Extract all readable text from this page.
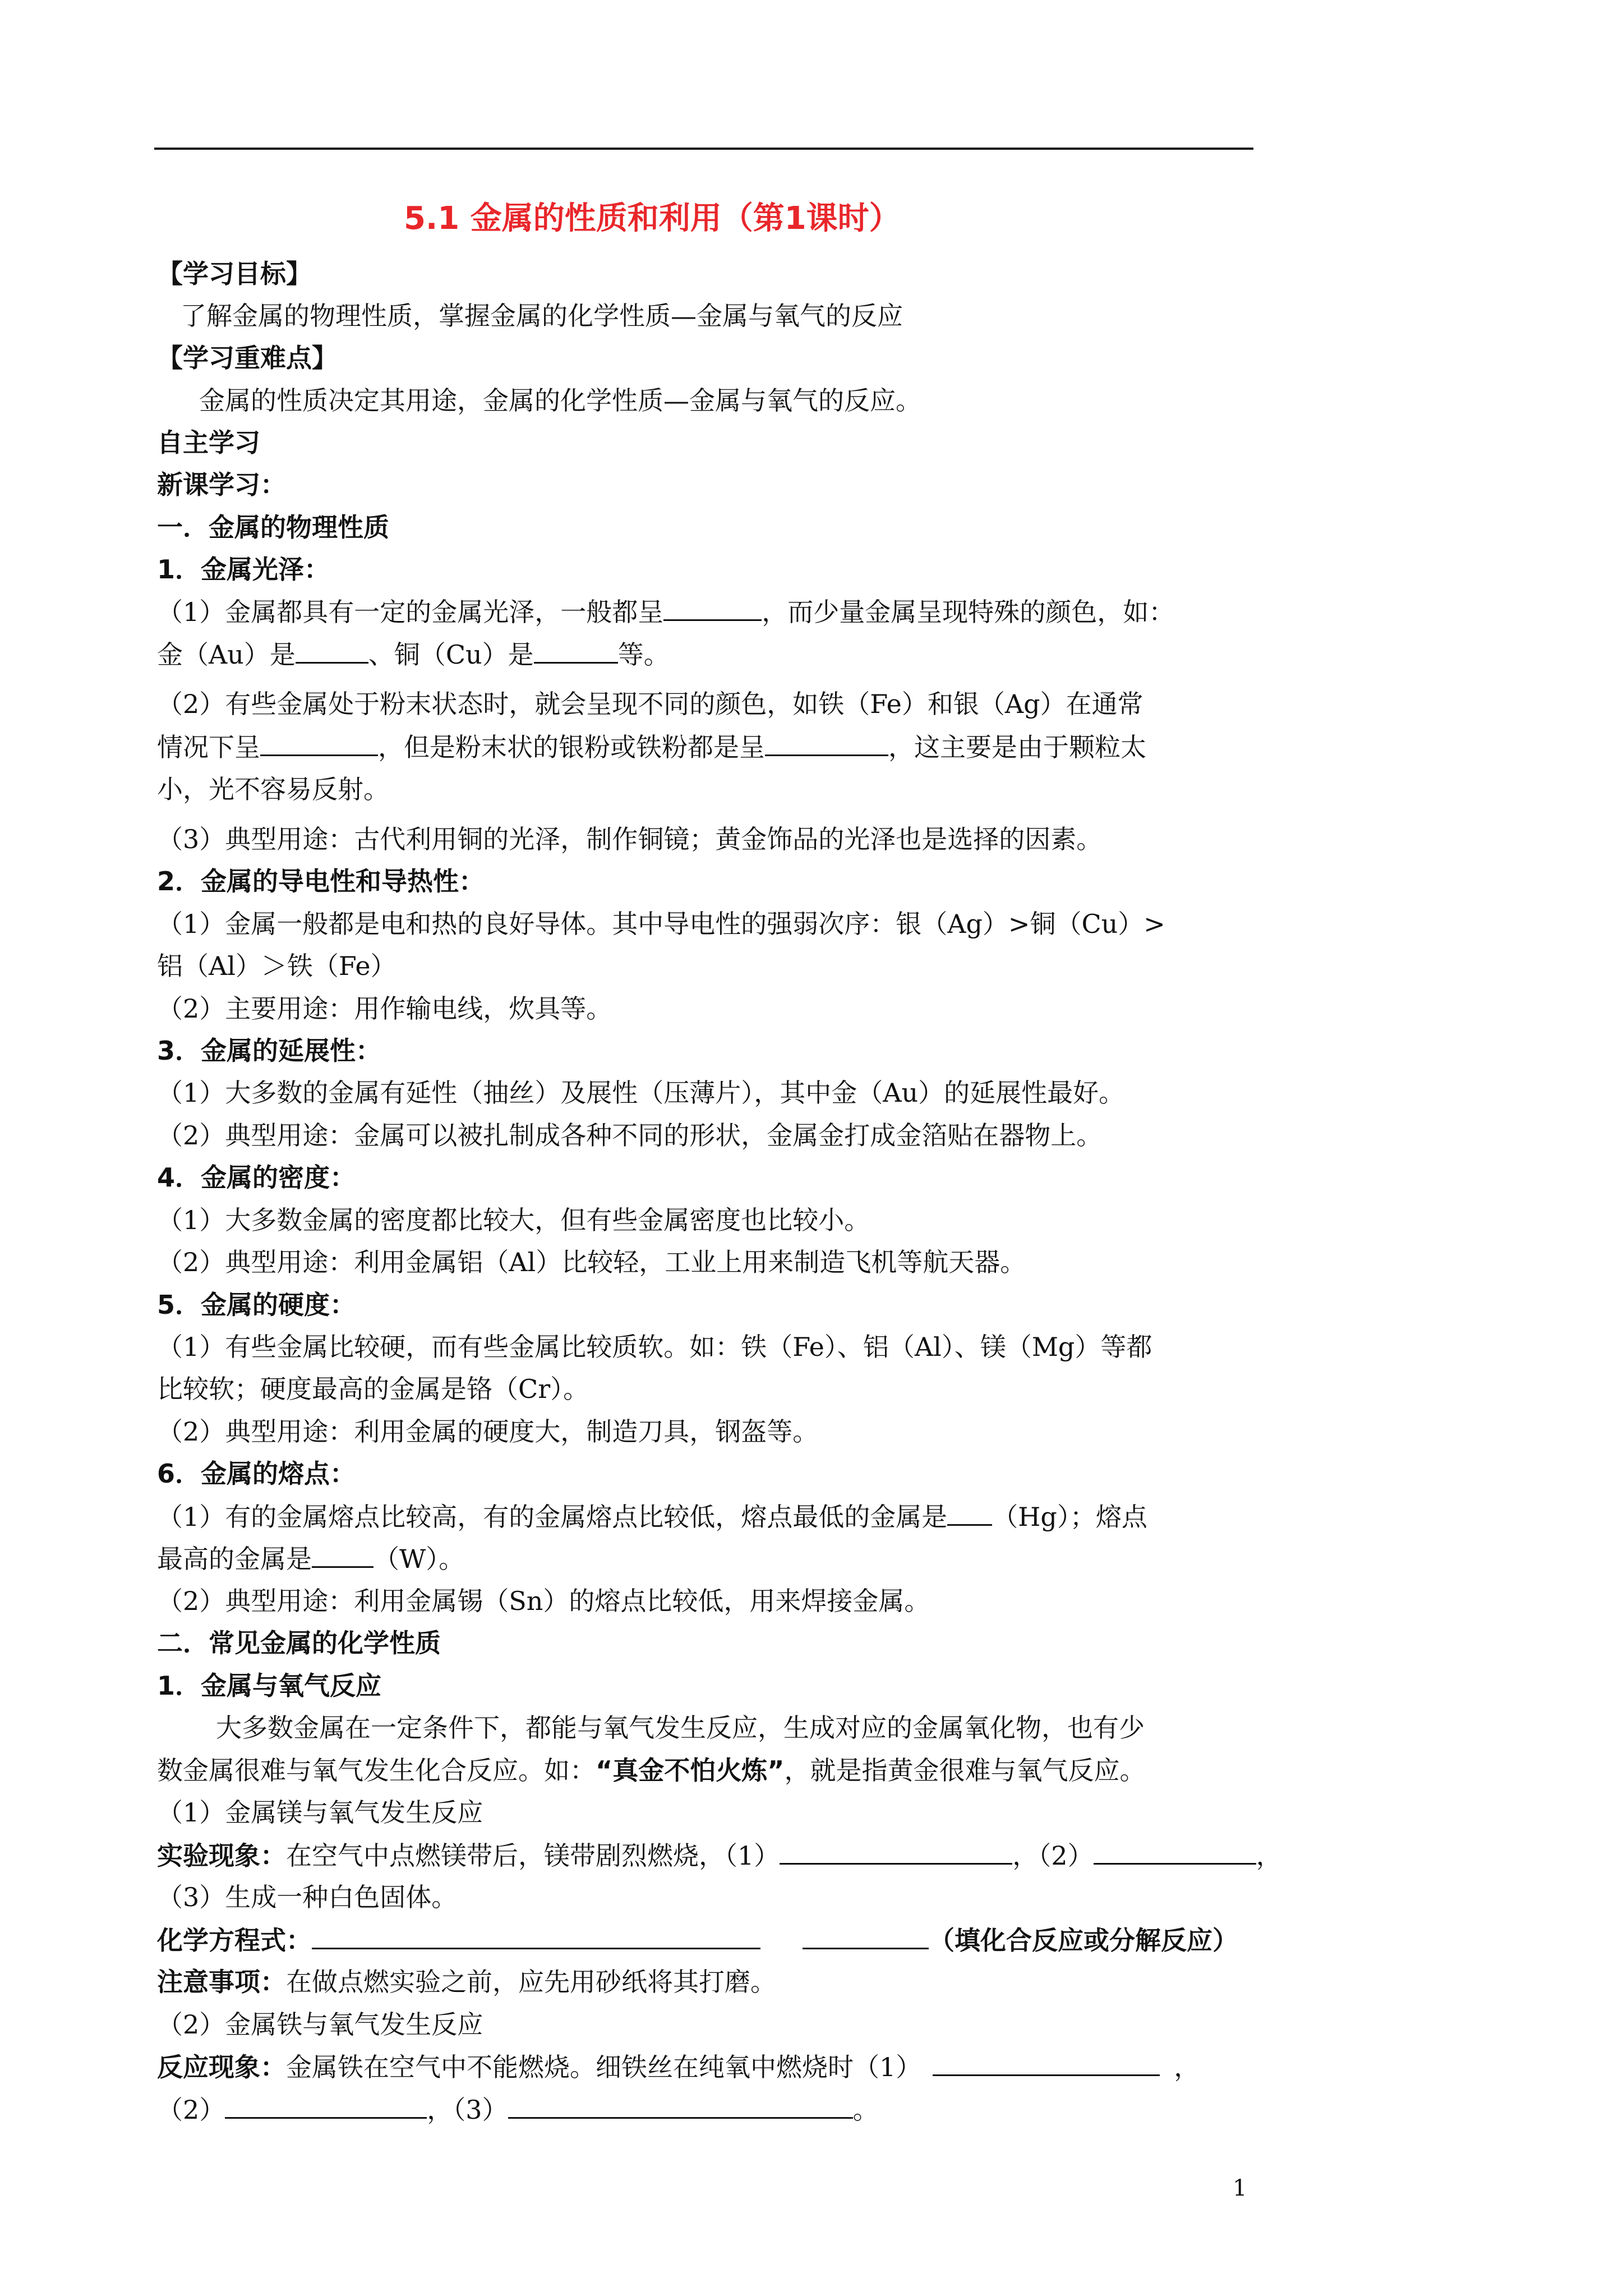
5.1 金属的性质和利用（第1课时）
【学习目标】
了解金属的物理性质，掌握金属的化学性质—金属与氧气的反应
【学习重难点】
金属的性质决定其用途，金属的化学性质—金属与氧气的反应。
自主学习
新课学习：
一．金属的物理性质
1．金属光泽：
（1）金属都具有一定的金属光泽，一般都呈	，而少量金属呈现特殊的颜色，如：
金（Au）是	、铜（Cu）是	等。
（2）有些金属处于粉末状态时，就会呈现不同的颜色，如铁（Fe）和银（Ag）在通常
情况下呈	，但是粉末状的银粉或铁粉都是呈	，这主要是由于颗粒太
小，光不容易反射。
（3）典型用途：古代利用铜的光泽，制作铜镜；黄金饰品的光泽也是选择的因素。
2．金属的导电性和导热性：
（1）金属一般都是电和热的良好导体。其中导电性的强弱次序：银（Ag）>铜（Cu）>
铝（Al）＞铁（Fe）
（2）主要用途：用作输电线，炊具等。
3．金属的延展性：
（1）大多数的金属有延性（抽丝）及展性（压薄片），其中金（Au）的延展性最好。
（2）典型用途：金属可以被扎制成各种不同的形状，金属金打成金箔贴在器物上。
4．金属的密度：
（1）大多数金属的密度都比较大，但有些金属密度也比较小。
（2）典型用途：利用金属铝（Al）比较轻，工业上用来制造飞机等航天器。
5．金属的硬度：
（1）有些金属比较硬，而有些金属比较质软。如：铁（Fe）、铝（Al）、镁（Mg）等都
比较软；硬度最高的金属是铬（Cr）。
（2）典型用途：利用金属的硬度大，制造刀具，钢盔等。
6．金属的熔点：
（1）有的金属熔点比较高，有的金属熔点比较低，熔点最低的金属是 （Hg）；熔点
最高的金属是 （W）。
（2）典型用途：利用金属锡（Sn）的熔点比较低，用来焊接金属。
二．常见金属的化学性质
1．金属与氧气反应
大多数金属在一定条件下，都能与氧气发生反应，生成对应的金属氧化物，也有少
数金属很难与氧气发生化合反应。如：“真金不怕火炼”，就是指黄金很难与氧气反应。
（1）金属镁与氧气发生反应
实验现象：在空气中点燃镁带后，镁带剧烈燃烧，（1）	，（2）	，
（3）生成一种白色固体。
化学方程式：	（填化合反应或分解反应）
注意事项：在做点燃实验之前，应先用砂纸将其打磨。
（2）金属铁与氧气发生反应
反应现象：金属铁在空气中不能燃烧。细铁丝在纯氧中燃烧时（1）	，
（2）	，（3）	。
1
